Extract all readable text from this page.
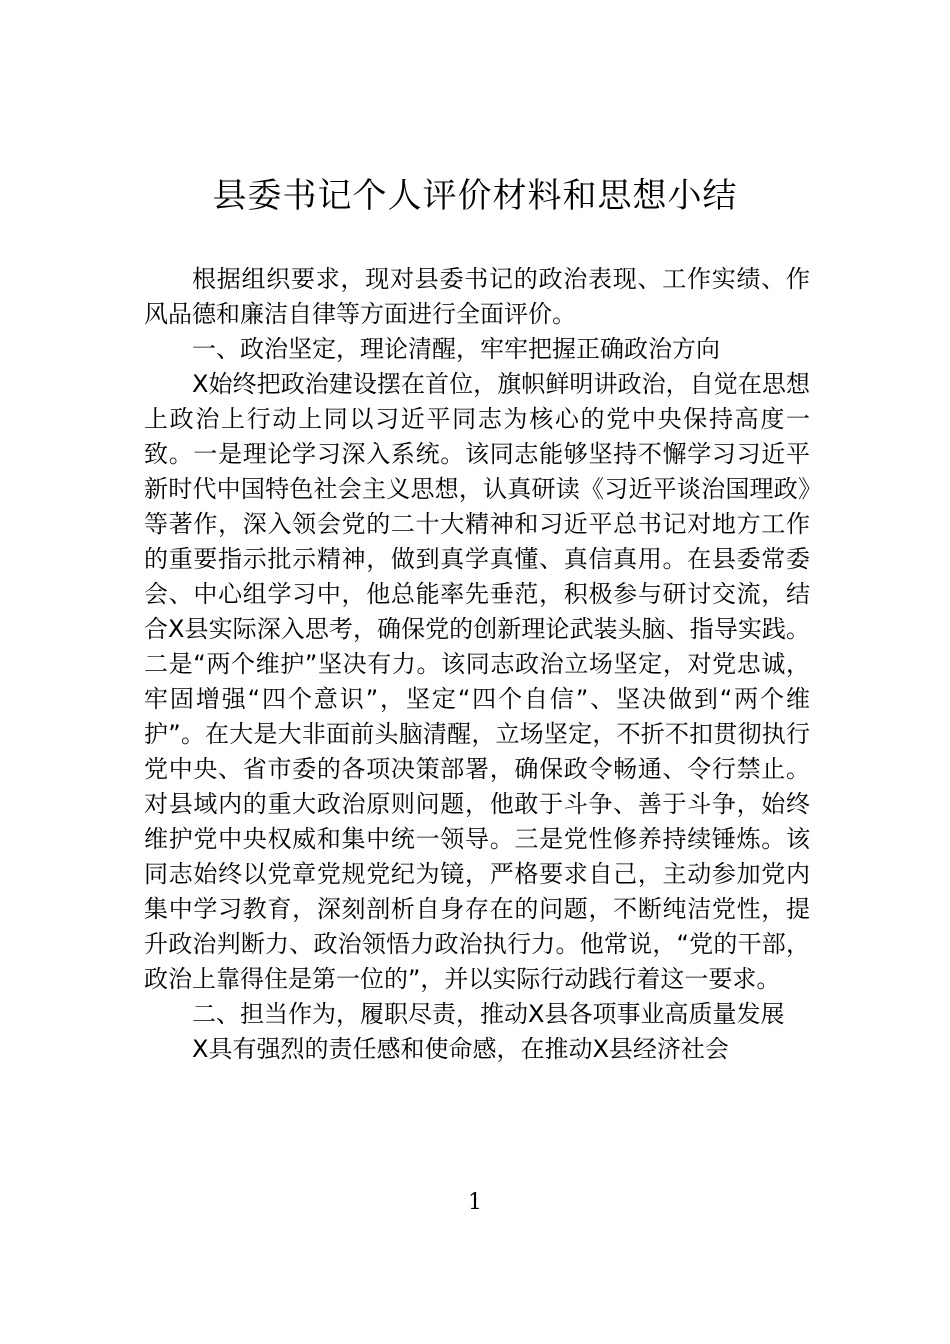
县委书记个人评价材料和思想小结

根据组织要求，现对县委书记的政治表现、工作实绩、作风品德和廉洁自律等方面进行全面评价。

一、政治坚定，理论清醒，牢牢把握正确政治方向

X始终把政治建设摆在首位，旗帜鲜明讲政治，自觉在思想上政治上行动上同以习近平同志为核心的党中央保持高度一致。一是理论学习深入系统。该同志能够坚持不懈学习习近平新时代中国特色社会主义思想，认真研读《习近平谈治国理政》等著作，深入领会党的二十大精神和习近平总书记对地方工作的重要指示批示精神，做到真学真懂、真信真用。在县委常委会、中心组学习中，他总能率先垂范，积极参与研讨交流，结合X县实际深入思考，确保党的创新理论武装头脑、指导实践。二是“两个维护”坚决有力。该同志政治立场坚定，对党忠诚，牢固增强“四个意识”，坚定“四个自信”、坚决做到“两个维护”。在大是大非面前头脑清醒，立场坚定，不折不扣贯彻执行党中央、省市委的各项决策部署，确保政令畅通、令行禁止。对县域内的重大政治原则问题，他敢于斗争、善于斗争，始终维护党中央权威和集中统一领导。三是党性修养持续锤炼。该同志始终以党章党规党纪为镜，严格要求自己，主动参加党内集中学习教育，深刻剖析自身存在的问题，不断纯洁党性，提升政治判断力、政治领悟力政治执行力。他常说，“党的干部，政治上靠得住是第一位的”，并以实际行动践行着这一要求。

二、担当作为，履职尽责，推动X县各项事业高质量发展

X具有强烈的责任感和使命感，在推动X县经济社会

1
